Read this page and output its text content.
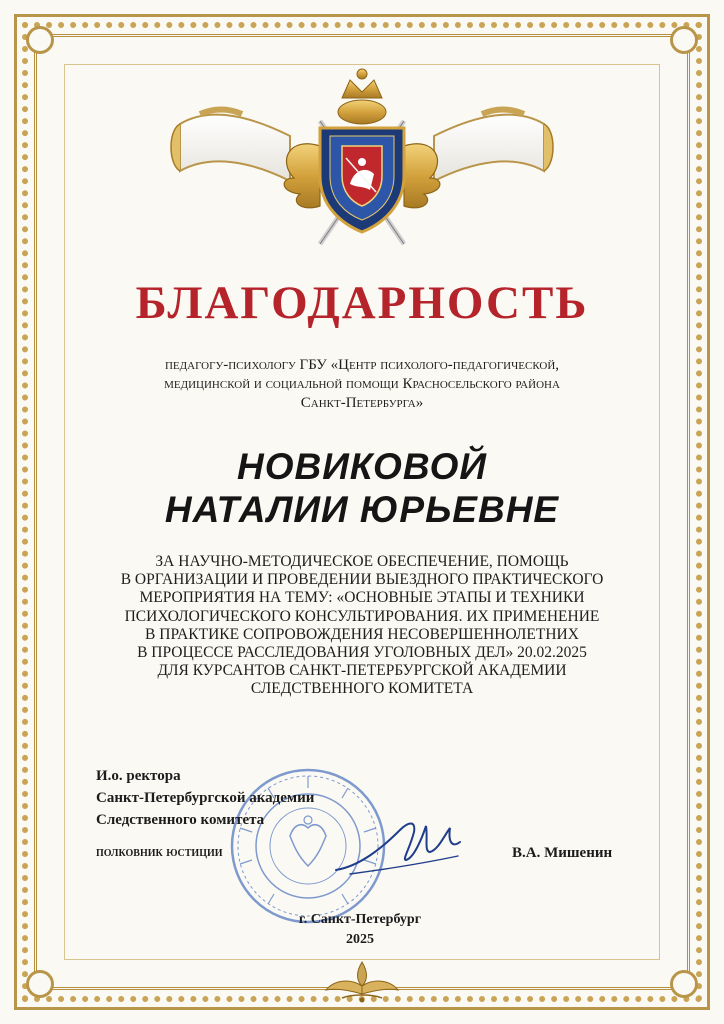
БЛАГОДАРНОСТЬ
педагогу-психологу ГБУ «Центр психолого-педагогической,
медицинской и социальной помощи Красносельского района
Санкт-Петербурга»
НОВИКОВОЙ
НАТАЛИИ ЮРЬЕВНЕ
ЗА НАУЧНО-МЕТОДИЧЕСКОЕ ОБЕСПЕЧЕНИЕ, ПОМОЩЬ
В ОРГАНИЗАЦИИ И ПРОВЕДЕНИИ ВЫЕЗДНОГО ПРАКТИЧЕСКОГО
МЕРОПРИЯТИЯ НА ТЕМУ: «ОСНОВНЫЕ ЭТАПЫ И ТЕХНИКИ
ПСИХОЛОГИЧЕСКОГО КОНСУЛЬТИРОВАНИЯ. ИХ ПРИМЕНЕНИЕ
В ПРАКТИКЕ СОПРОВОЖДЕНИЯ НЕСОВЕРШЕННОЛЕТНИХ
В ПРОЦЕССЕ РАССЛЕДОВАНИЯ УГОЛОВНЫХ ДЕЛ» 20.02.2025
ДЛЯ КУРСАНТОВ САНКТ-ПЕТЕРБУРГСКОЙ АКАДЕМИИ
СЛЕДСТВЕННОГО КОМИТЕТА
И.о. ректора
Санкт-Петербургской академии
Следственного комитета
полковник юстиции	В.А. Мишенин
г. Санкт-Петербург
2025
